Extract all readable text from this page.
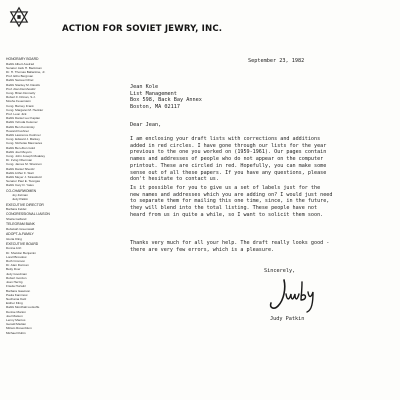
ACTION FOR SOVIET JEWRY, INC.
HONORARY BOARD
Rabbi Albert Axelrad
Senator Jack H. Backman
Dr. H. Thomas Ballantine, Jr.
Prof. Ethu Bergman
Rabbi Samuel Chiel
Rabbi Stanley M. Davids
Prof. Alan Dershowitz
Cong. Brian Donnelly
Robert F. Drinan, S.J.
Moshe Feuerstein
Cong. Barney Frank
Cong. Margaret M. Heckler
Prof. Leon Jick
Rabbi Daniel Lev Kaplan
Rabbi Yehuda Kelemer
Rabbi Ben Kominsky
Howard Kushner
Rabbi Lawrence Kushner
Cong. Edward J. Markey
Cong. Nicholas Mavroules
Rabbi Ben-Zion Gold
Rabbi Joel Meyers
Cong. John Joseph Moakley
Dr. Irving Oberman
Cong. James M. Shannon
Rabbi Daniel Shevitz
Rabbi Arthur F. Starr
Rabbi Meyer J. Strassfeld
Senator Paul E. Tsongas
Rabbi Cary D. Yales
CO-CHAIRWOMEN
Joy Zelman
Judy Patkin
EXECUTIVE DIRECTOR
Barbara Feldel
CONGRESSIONAL LIAISON
Sheila Gelfand
TELEGRAM BANK
Rebekah Greenwald
ADOPT-A-FAMILY
Gloria Kling
EXECUTIVE BOARD
Donna Arzt
Dr. Sheldon Benjamin
Lorell Brosdow
Ruth Cronson
Dr. Alan Dorman
Betty Dver
Judy Goodman
Robert Gordon
Joan Herzig
Frieda Hurwitz
Barbara Isaacson
Paula Kaminow
Nechama Katz
Esther Kling
Rabbi Mordhali Luxkoffe
Denise Marion
Joel Matson
Lenny Marcus
Gerald Mazian
Miriam Rosenblum
Michael Rubin
September 23, 1982
Jean Kole
List Management
Box 598, Back Bay Annex
Boston, MA 02117
Dear Jean,
I am enclosing your draft lists with corrections and additions
added in red circles. I have gone through our lists for the year
previous to the one you worked on (1959-1961). Our pages contain
names and addresses of people who do not appear on the computer
printout. These are circled in red. Hopefully, you can make some
sense out of all these papers. If you have any questions, please
don't hesitate to contact us.
Is it possible for you to give us a set of labels just for the
new names and addresses which you are adding on? I would just need
to separate them for mailing this one time, since, in the future,
they will blend into the total listing. These people have not
heard from us in quite a while, so I want to solicit them soon.
Thanks very much for all your help. The draft really looks good -
there are very few errors, which is a pleasure.
Sincerely,
Judy Patkin
